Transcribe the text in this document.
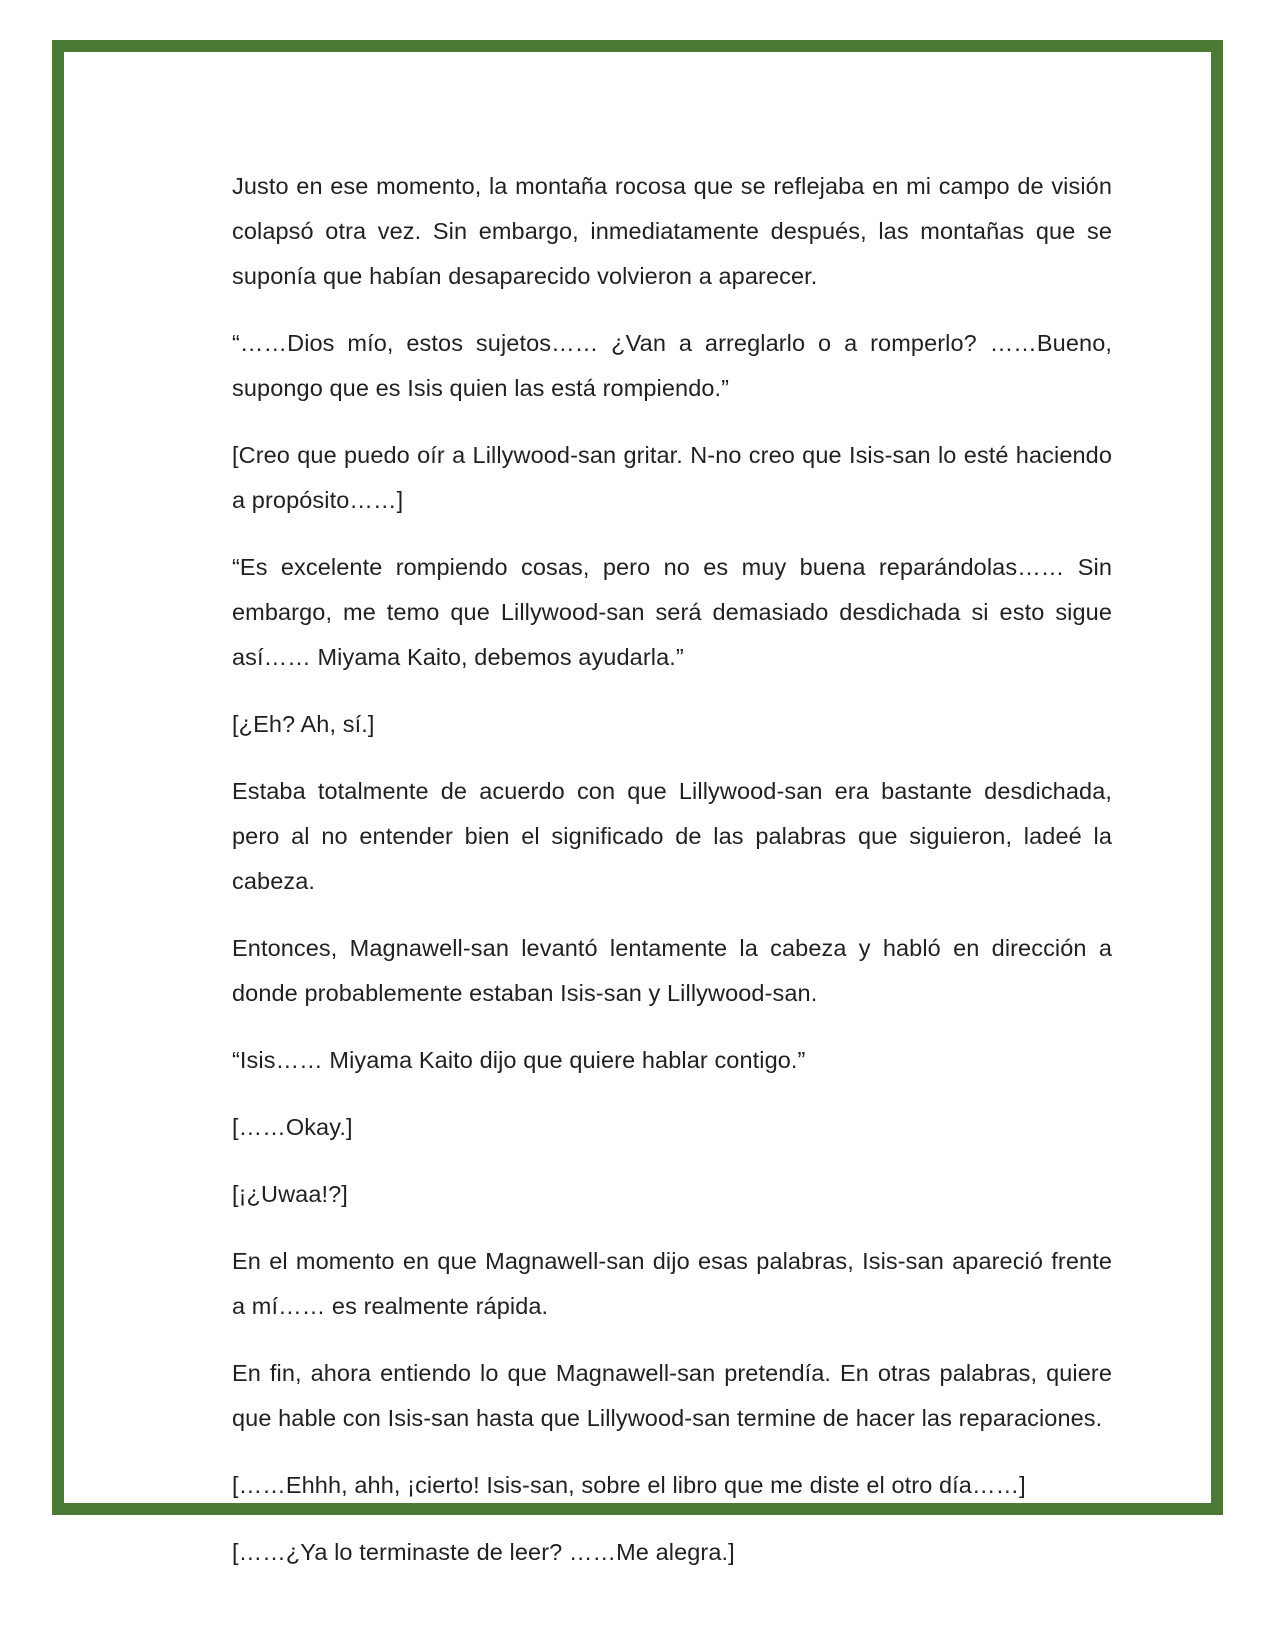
Justo en ese momento, la montaña rocosa que se reflejaba en mi campo de visión colapsó otra vez. Sin embargo, inmediatamente después, las montañas que se suponía que habían desaparecido volvieron a aparecer.

“……Dios mío, estos sujetos…… ¿Van a arreglarlo o a romperlo? ……Bueno, supongo que es Isis quien las está rompiendo.”

[Creo que puedo oír a Lillywood-san gritar. N-no creo que Isis-san lo esté haciendo a propósito……]

“Es excelente rompiendo cosas, pero no es muy buena reparándolas…… Sin embargo, me temo que Lillywood-san será demasiado desdichada si esto sigue así…… Miyama Kaito, debemos ayudarla.”

[¿Eh? Ah, sí.]

Estaba totalmente de acuerdo con que Lillywood-san era bastante desdichada, pero al no entender bien el significado de las palabras que siguieron, ladeé la cabeza.

Entonces, Magnawell-san levantó lentamente la cabeza y habló en dirección a donde probablemente estaban Isis-san y Lillywood-san.

“Isis…… Miyama Kaito dijo que quiere hablar contigo.”

[……Okay.]

[¡¿Uwaa!?]

En el momento en que Magnawell-san dijo esas palabras, Isis-san apareció frente a mí…… es realmente rápida.

En fin, ahora entiendo lo que Magnawell-san pretendía. En otras palabras, quiere que hable con Isis-san hasta que Lillywood-san termine de hacer las reparaciones.

[……Ehhh, ahh, ¡cierto! Isis-san, sobre el libro que me diste el otro día……]

[……¿Ya lo terminaste de leer? ……Me alegra.]
